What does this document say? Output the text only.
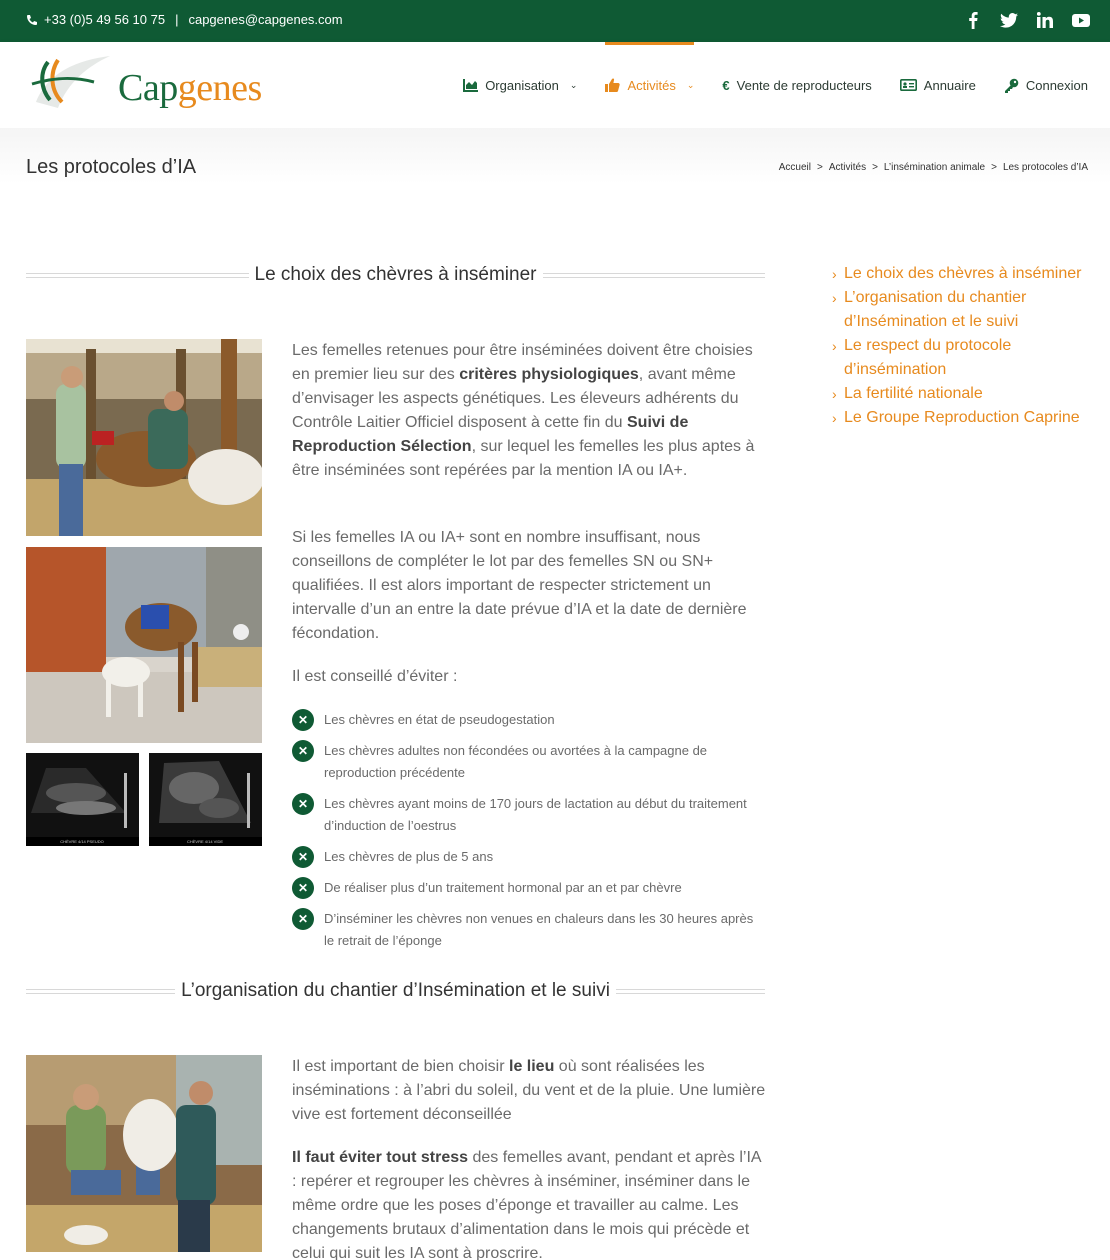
+33 (0)5 49 56 10 75 | capgenes@capgenes.com
Capgenes	Organisation ⌄	Activités ⌄ € Vente de reproducteurs	Annuaire	Connexion
Les protocoles d’IA	Accueil > Activités > L’insémination animale > Les protocoles d’IA
Le choix des chèvres à inséminer
CHÈVRE 4/14 PSEUDO	CHÈVRE 4/14 VIDE
Les femelles retenues pour être inséminées doivent être choisies en premier lieu sur des critères physiologiques, avant même d’envisager les aspects génétiques. Les éleveurs adhérents du Contrôle Laitier Officiel disposent à cette fin du Suivi de Reproduction Sélection, sur lequel les femelles les plus aptes à être inséminées sont repérées par la mention IA ou IA+.
Si les femelles IA ou IA+ sont en nombre insuffisant, nous conseillons de compléter le lot par des femelles SN ou SN+ qualifiées. Il est alors important de respecter strictement un intervalle d’un an entre la date prévue d’IA et la date de dernière fécondation.
Il est conseillé d’éviter :
✕	Les chèvres en état de pseudogestation
✕	Les chèvres adultes non fécondées ou avortées à la campagne de reproduction précédente
✕	Les chèvres ayant moins de 170 jours de lactation au début du traitement d’induction de l’oestrus
✕	Les chèvres de plus de 5 ans
✕	De réaliser plus d’un traitement hormonal par an et par chèvre
✕	D’inséminer les chèvres non venues en chaleurs dans les 30 heures après le retrait de l’éponge
L’organisation du chantier d’Insémination et le suivi
Il est important de bien choisir le lieu où sont réalisées les inséminations : à l’abri du soleil, du vent et de la pluie. Une lumière vive est fortement déconseillée
Il faut éviter tout stress des femelles avant, pendant et après l’IA : repérer et regrouper les chèvres à inséminer, inséminer dans le même ordre que les poses d’éponge et travailler au calme. Les changements brutaux d’alimentation dans le mois qui précède et celui qui suit les IA sont à proscrire.
› Le choix des chèvres à inséminer
› L’organisation du chantier d’Insémination et le suivi
› Le respect du protocole d’insémination
› La fertilité nationale
› Le Groupe Reproduction Caprine
